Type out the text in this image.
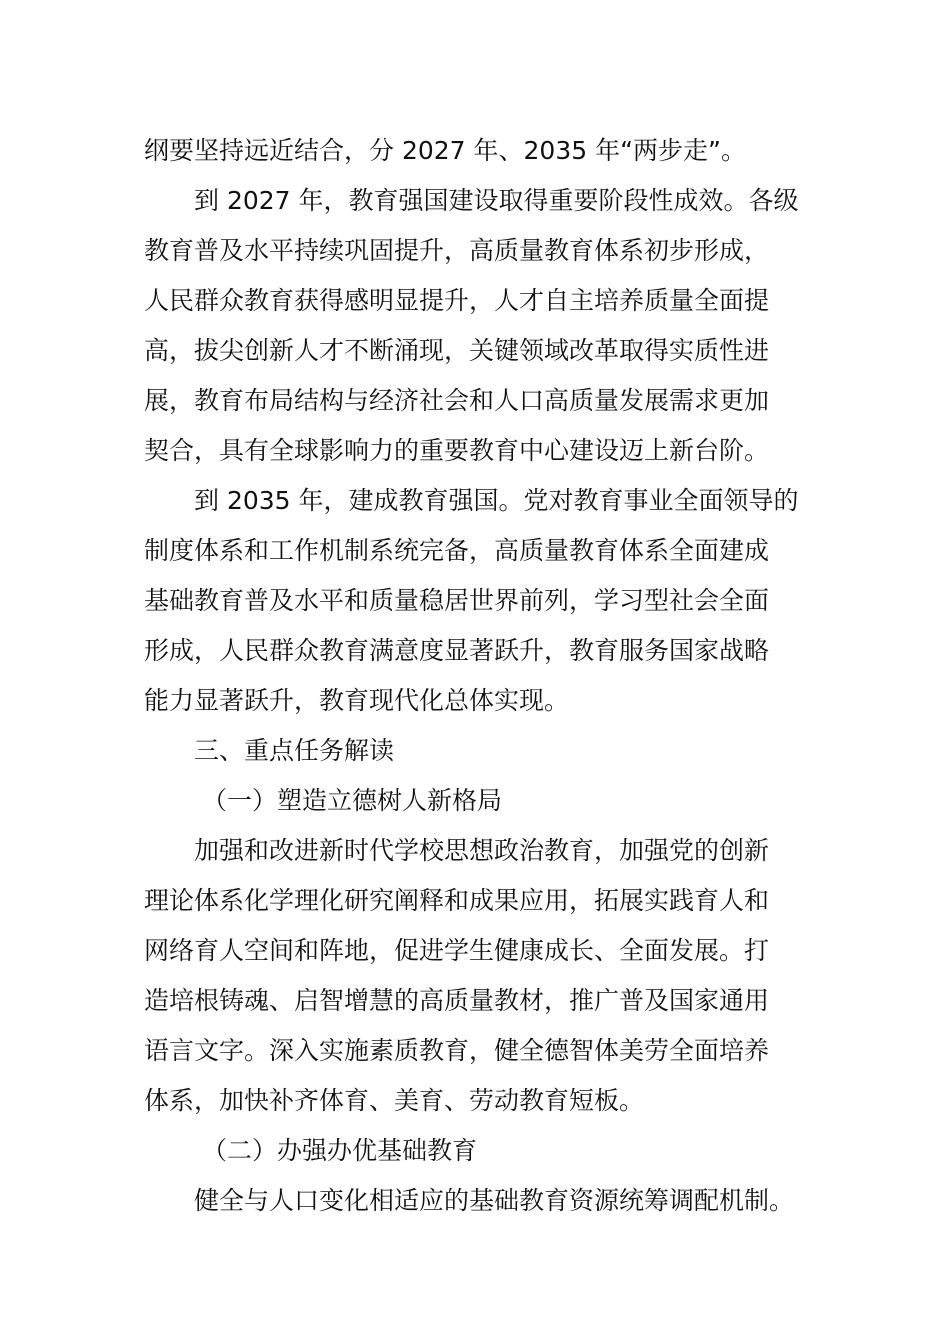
纲要坚持远近结合，分 2027 年、2035 年“两步走”。

到 2027 年，教育强国建设取得重要阶段性成效。各级

教育普及水平持续巩固提升，高质量教育体系初步形成，

人民群众教育获得感明显提升，人才自主培养质量全面提

高，拔尖创新人才不断涌现，关键领域改革取得实质性进

展，教育布局结构与经济社会和人口高质量发展需求更加

契合，具有全球影响力的重要教育中心建设迈上新台阶。

到 2035 年，建成教育强国。党对教育事业全面领导的

制度体系和工作机制系统完备，高质量教育体系全面建成

基础教育普及水平和质量稳居世界前列，学习型社会全面

形成，人民群众教育满意度显著跃升，教育服务国家战略

能力显著跃升，教育现代化总体实现。

三、重点任务解读

（一）塑造立德树人新格局

加强和改进新时代学校思想政治教育，加强党的创新

理论体系化学理化研究阐释和成果应用，拓展实践育人和

网络育人空间和阵地，促进学生健康成长、全面发展。打

造培根铸魂、启智增慧的高质量教材，推广普及国家通用

语言文字。深入实施素质教育，健全德智体美劳全面培养

体系，加快补齐体育、美育、劳动教育短板。

（二）办强办优基础教育

健全与人口变化相适应的基础教育资源统筹调配机制。
